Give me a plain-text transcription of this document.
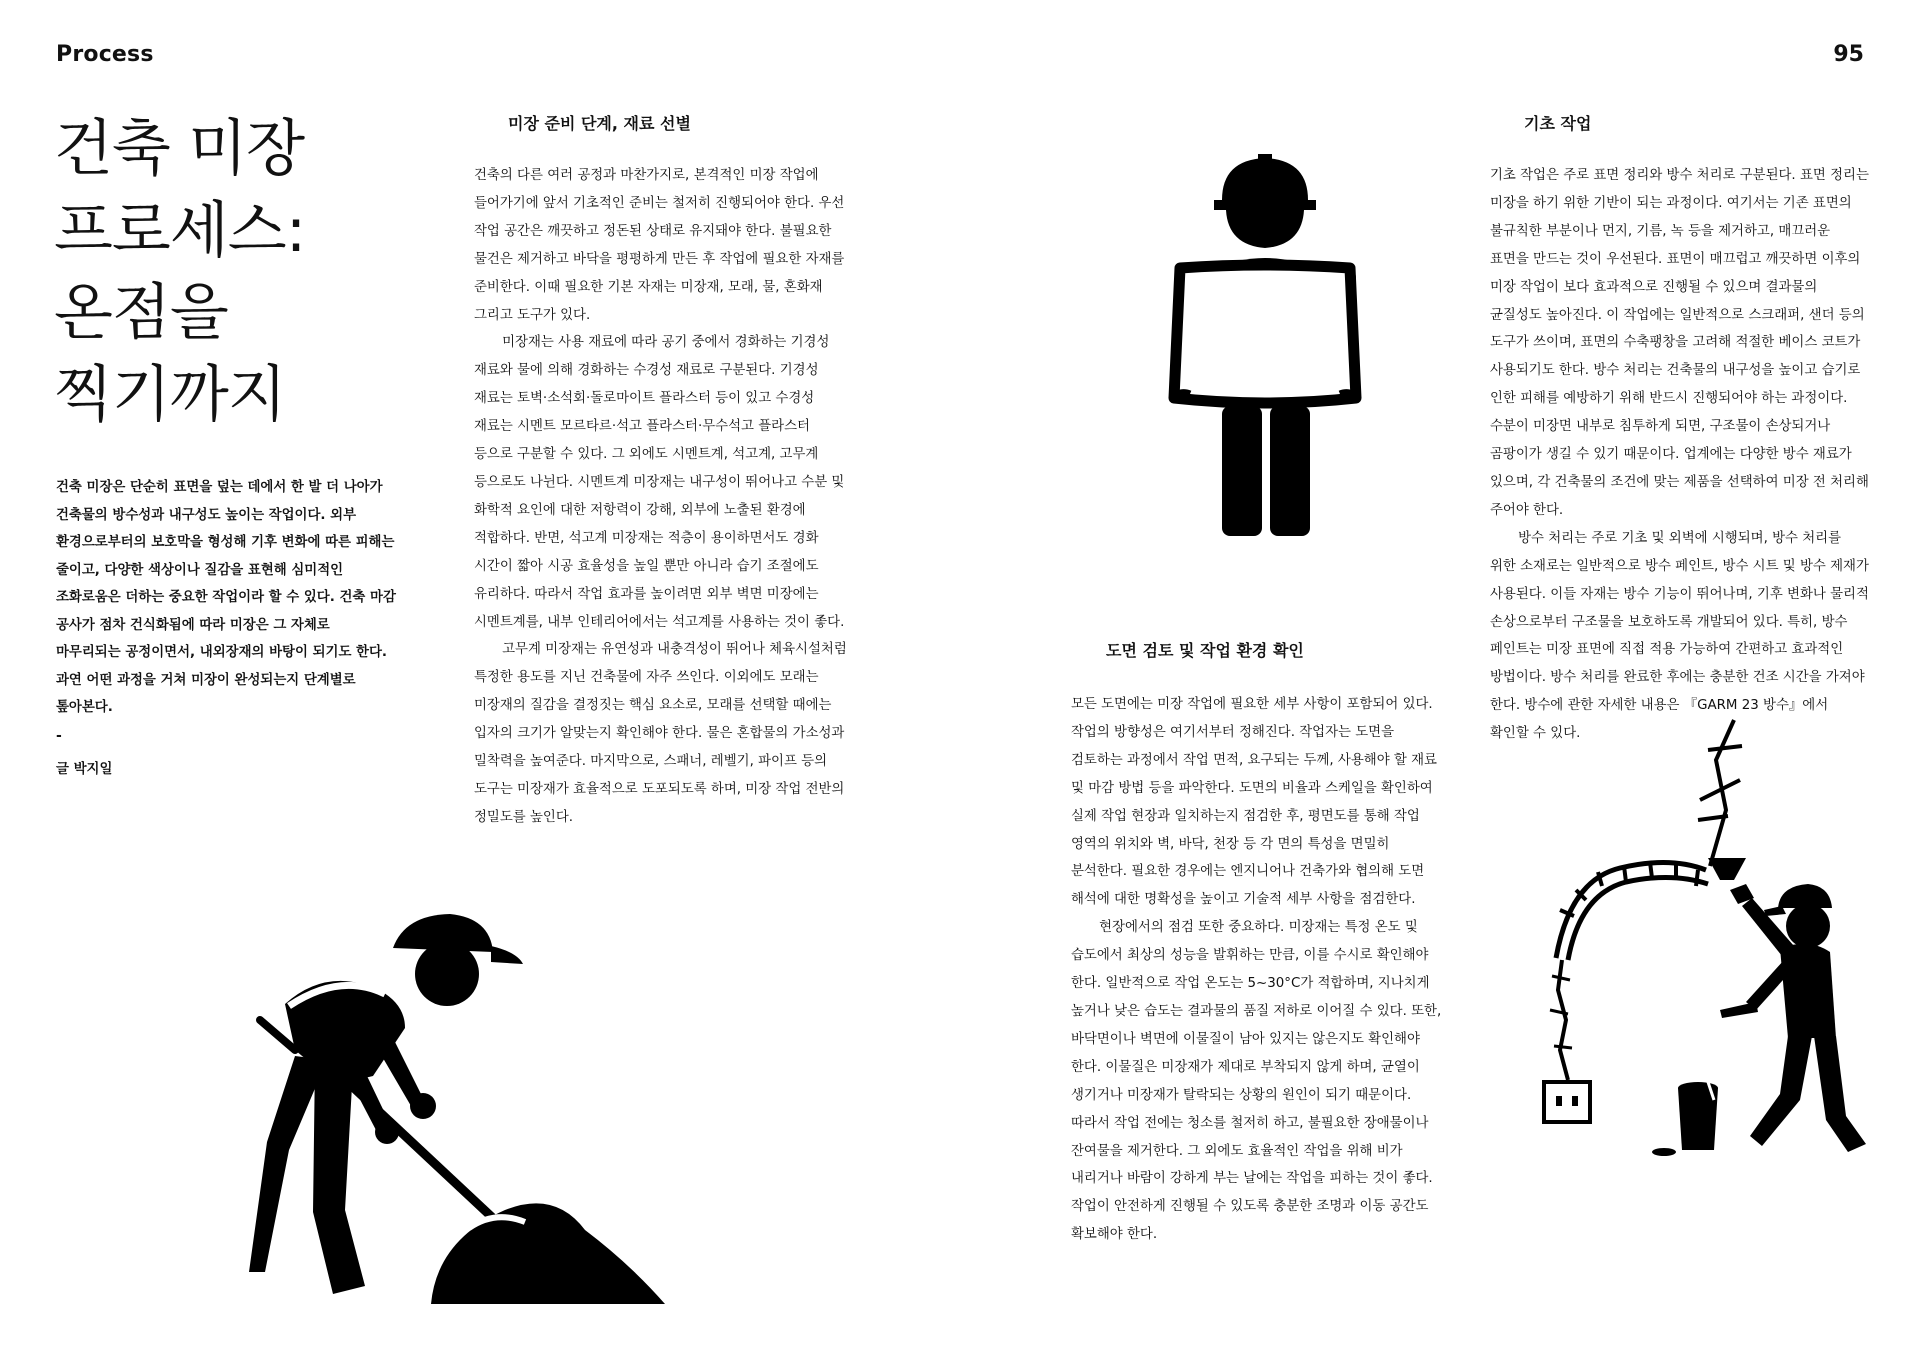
Process	95
건축 미장
프로세스:
온점을
찍기까지

건축 미장은 단순히 표면을 덮는 데에서 한 발 더 나아가 건축물의 방수성과 내구성도 높이는 작업이다. 외부 환경으로부터의 보호막을 형성해 기후 변화에 따른 피해는 줄이고, 다양한 색상이나 질감을 표현해 심미적인 조화로움은 더하는 중요한 작업이라 할 수 있다. 건축 마감 공사가 점차 건식화됨에 따라 미장은 그 자체로 마무리되는 공정이면서, 내외장재의 바탕이 되기도 한다. 과연 어떤 과정을 거쳐 미장이 완성되는지 단계별로 톺아본다.

-
글 박지일
미장 준비 단계, 재료 선별

건축의 다른 여러 공정과 마찬가지로, 본격적인 미장 작업에 들어가기에 앞서 기초적인 준비는 철저히 진행되어야 한다. 우선 작업 공간은 깨끗하고 정돈된 상태로 유지돼야 한다. 불필요한 물건은 제거하고 바닥을 평평하게 만든 후 작업에 필요한 자재를 준비한다. 이때 필요한 기본 자재는 미장재, 모래, 물, 혼화재 그리고 도구가 있다.

미장재는 사용 재료에 따라 공기 중에서 경화하는 기경성 재료와 물에 의해 경화하는 수경성 재료로 구분된다. 기경성 재료는 토벽·소석회·돌로마이트 플라스터 등이 있고 수경성 재료는 시멘트 모르타르·석고 플라스터·무수석고 플라스터 등으로 구분할 수 있다. 그 외에도 시멘트계, 석고계, 고무계 등으로도 나뉜다. 시멘트계 미장재는 내구성이 뛰어나고 수분 및 화학적 요인에 대한 저항력이 강해, 외부에 노출된 환경에 적합하다. 반면, 석고계 미장재는 적층이 용이하면서도 경화 시간이 짧아 시공 효율성을 높일 뿐만 아니라 습기 조절에도 유리하다. 따라서 작업 효과를 높이려면 외부 벽면 미장에는 시멘트계를, 내부 인테리어에서는 석고계를 사용하는 것이 좋다.

고무계 미장재는 유연성과 내충격성이 뛰어나 체육시설처럼 특정한 용도를 지닌 건축물에 자주 쓰인다. 이외에도 모래는 미장재의 질감을 결정짓는 핵심 요소로, 모래를 선택할 때에는 입자의 크기가 알맞는지 확인해야 한다. 물은 혼합물의 가소성과 밀착력을 높여준다. 마지막으로, 스패너, 레벨기, 파이프 등의 도구는 미장재가 효율적으로 도포되도록 하며, 미장 작업 전반의 정밀도를 높인다.

도면 검토 및 작업 환경 확인

모든 도면에는 미장 작업에 필요한 세부 사항이 포함되어 있다. 작업의 방향성은 여기서부터 정해진다. 작업자는 도면을 검토하는 과정에서 작업 면적, 요구되는 두께, 사용해야 할 재료 및 마감 방법 등을 파악한다. 도면의 비율과 스케일을 확인하여 실제 작업 현장과 일치하는지 점검한 후, 평면도를 통해 작업 영역의 위치와 벽, 바닥, 천장 등 각 면의 특성을 면밀히 분석한다. 필요한 경우에는 엔지니어나 건축가와 협의해 도면 해석에 대한 명확성을 높이고 기술적 세부 사항을 점검한다.

현장에서의 점검 또한 중요하다. 미장재는 특정 온도 및 습도에서 최상의 성능을 발휘하는 만큼, 이를 수시로 확인해야 한다. 일반적으로 작업 온도는 5~30°C가 적합하며, 지나치게 높거나 낮은 습도는 결과물의 품질 저하로 이어질 수 있다. 또한, 바닥면이나 벽면에 이물질이 남아 있지는 않은지도 확인해야 한다. 이물질은 미장재가 제대로 부착되지 않게 하며, 균열이 생기거나 미장재가 탈락되는 상황의 원인이 되기 때문이다. 따라서 작업 전에는 청소를 철저히 하고, 불필요한 장애물이나 잔여물을 제거한다. 그 외에도 효율적인 작업을 위해 비가 내리거나 바람이 강하게 부는 날에는 작업을 피하는 것이 좋다. 작업이 안전하게 진행될 수 있도록 충분한 조명과 이동 공간도 확보해야 한다.

기초 작업

기초 작업은 주로 표면 정리와 방수 처리로 구분된다. 표면 정리는 미장을 하기 위한 기반이 되는 과정이다. 여기서는 기존 표면의 불규칙한 부분이나 먼지, 기름, 녹 등을 제거하고, 매끄러운 표면을 만드는 것이 우선된다. 표면이 매끄럽고 깨끗하면 이후의 미장 작업이 보다 효과적으로 진행될 수 있으며 결과물의 균질성도 높아진다. 이 작업에는 일반적으로 스크래퍼, 샌더 등의 도구가 쓰이며, 표면의 수축팽창을 고려해 적절한 베이스 코트가 사용되기도 한다. 방수 처리는 건축물의 내구성을 높이고 습기로 인한 피해를 예방하기 위해 반드시 진행되어야 하는 과정이다. 수분이 미장면 내부로 침투하게 되면, 구조물이 손상되거나 곰팡이가 생길 수 있기 때문이다. 업계에는 다양한 방수 재료가 있으며, 각 건축물의 조건에 맞는 제품을 선택하여 미장 전 처리해 주어야 한다.

방수 처리는 주로 기초 및 외벽에 시행되며, 방수 처리를 위한 소재로는 일반적으로 방수 페인트, 방수 시트 및 방수 제재가 사용된다. 이들 자재는 방수 기능이 뛰어나며, 기후 변화나 물리적 손상으로부터 구조물을 보호하도록 개발되어 있다. 특히, 방수 페인트는 미장 표면에 직접 적용 가능하여 간편하고 효과적인 방법이다. 방수 처리를 완료한 후에는 충분한 건조 시간을 가져야 한다. 방수에 관한 자세한 내용은 『GARM 23 방수』에서 확인할 수 있다.
